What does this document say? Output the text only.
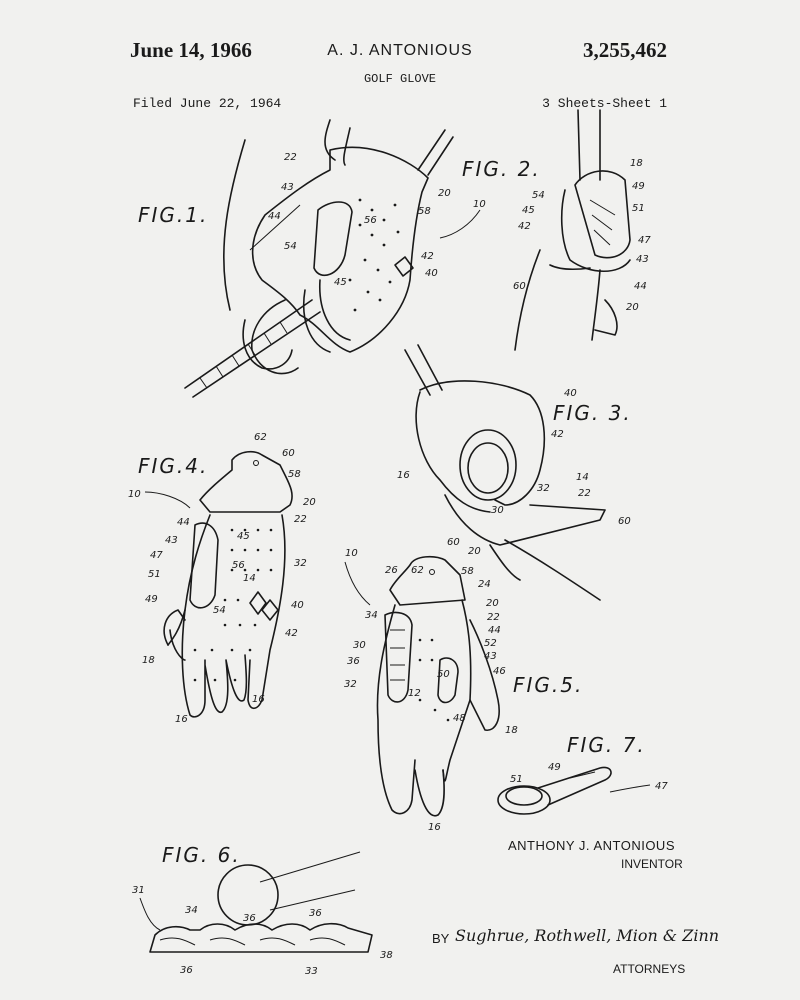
June 14, 1966	A. J. ANTONIOUS	3,255,462
GOLF GLOVE
Filed June 22, 1964	3 Sheets-Sheet 1
FIG.1.
22
43
44
54
56
58
20
42
40
45
10
FIG. 2.	18
49
54
45	51
42
47
43
60	44
20
FIG. 3.
40
42
16	14
32	22
30
60
20
FIG.4.
62
60
58
10
20
22
44
43	45
47
32
56
51	14
49
40
54
42
18
16
16
FIG.5.
60
10
62
26	58
24
20
34	22
44
30	52
36	43
50	46
32
12
48
18
16
FIG. 6.
31
34
36	36
38
36	33
FIG. 7.
49
51
47
ANTHONY J. ANTONIOUS
INVENTOR
BY Sughrue, Rothwell, Mion & Zinn
ATTORNEYS
